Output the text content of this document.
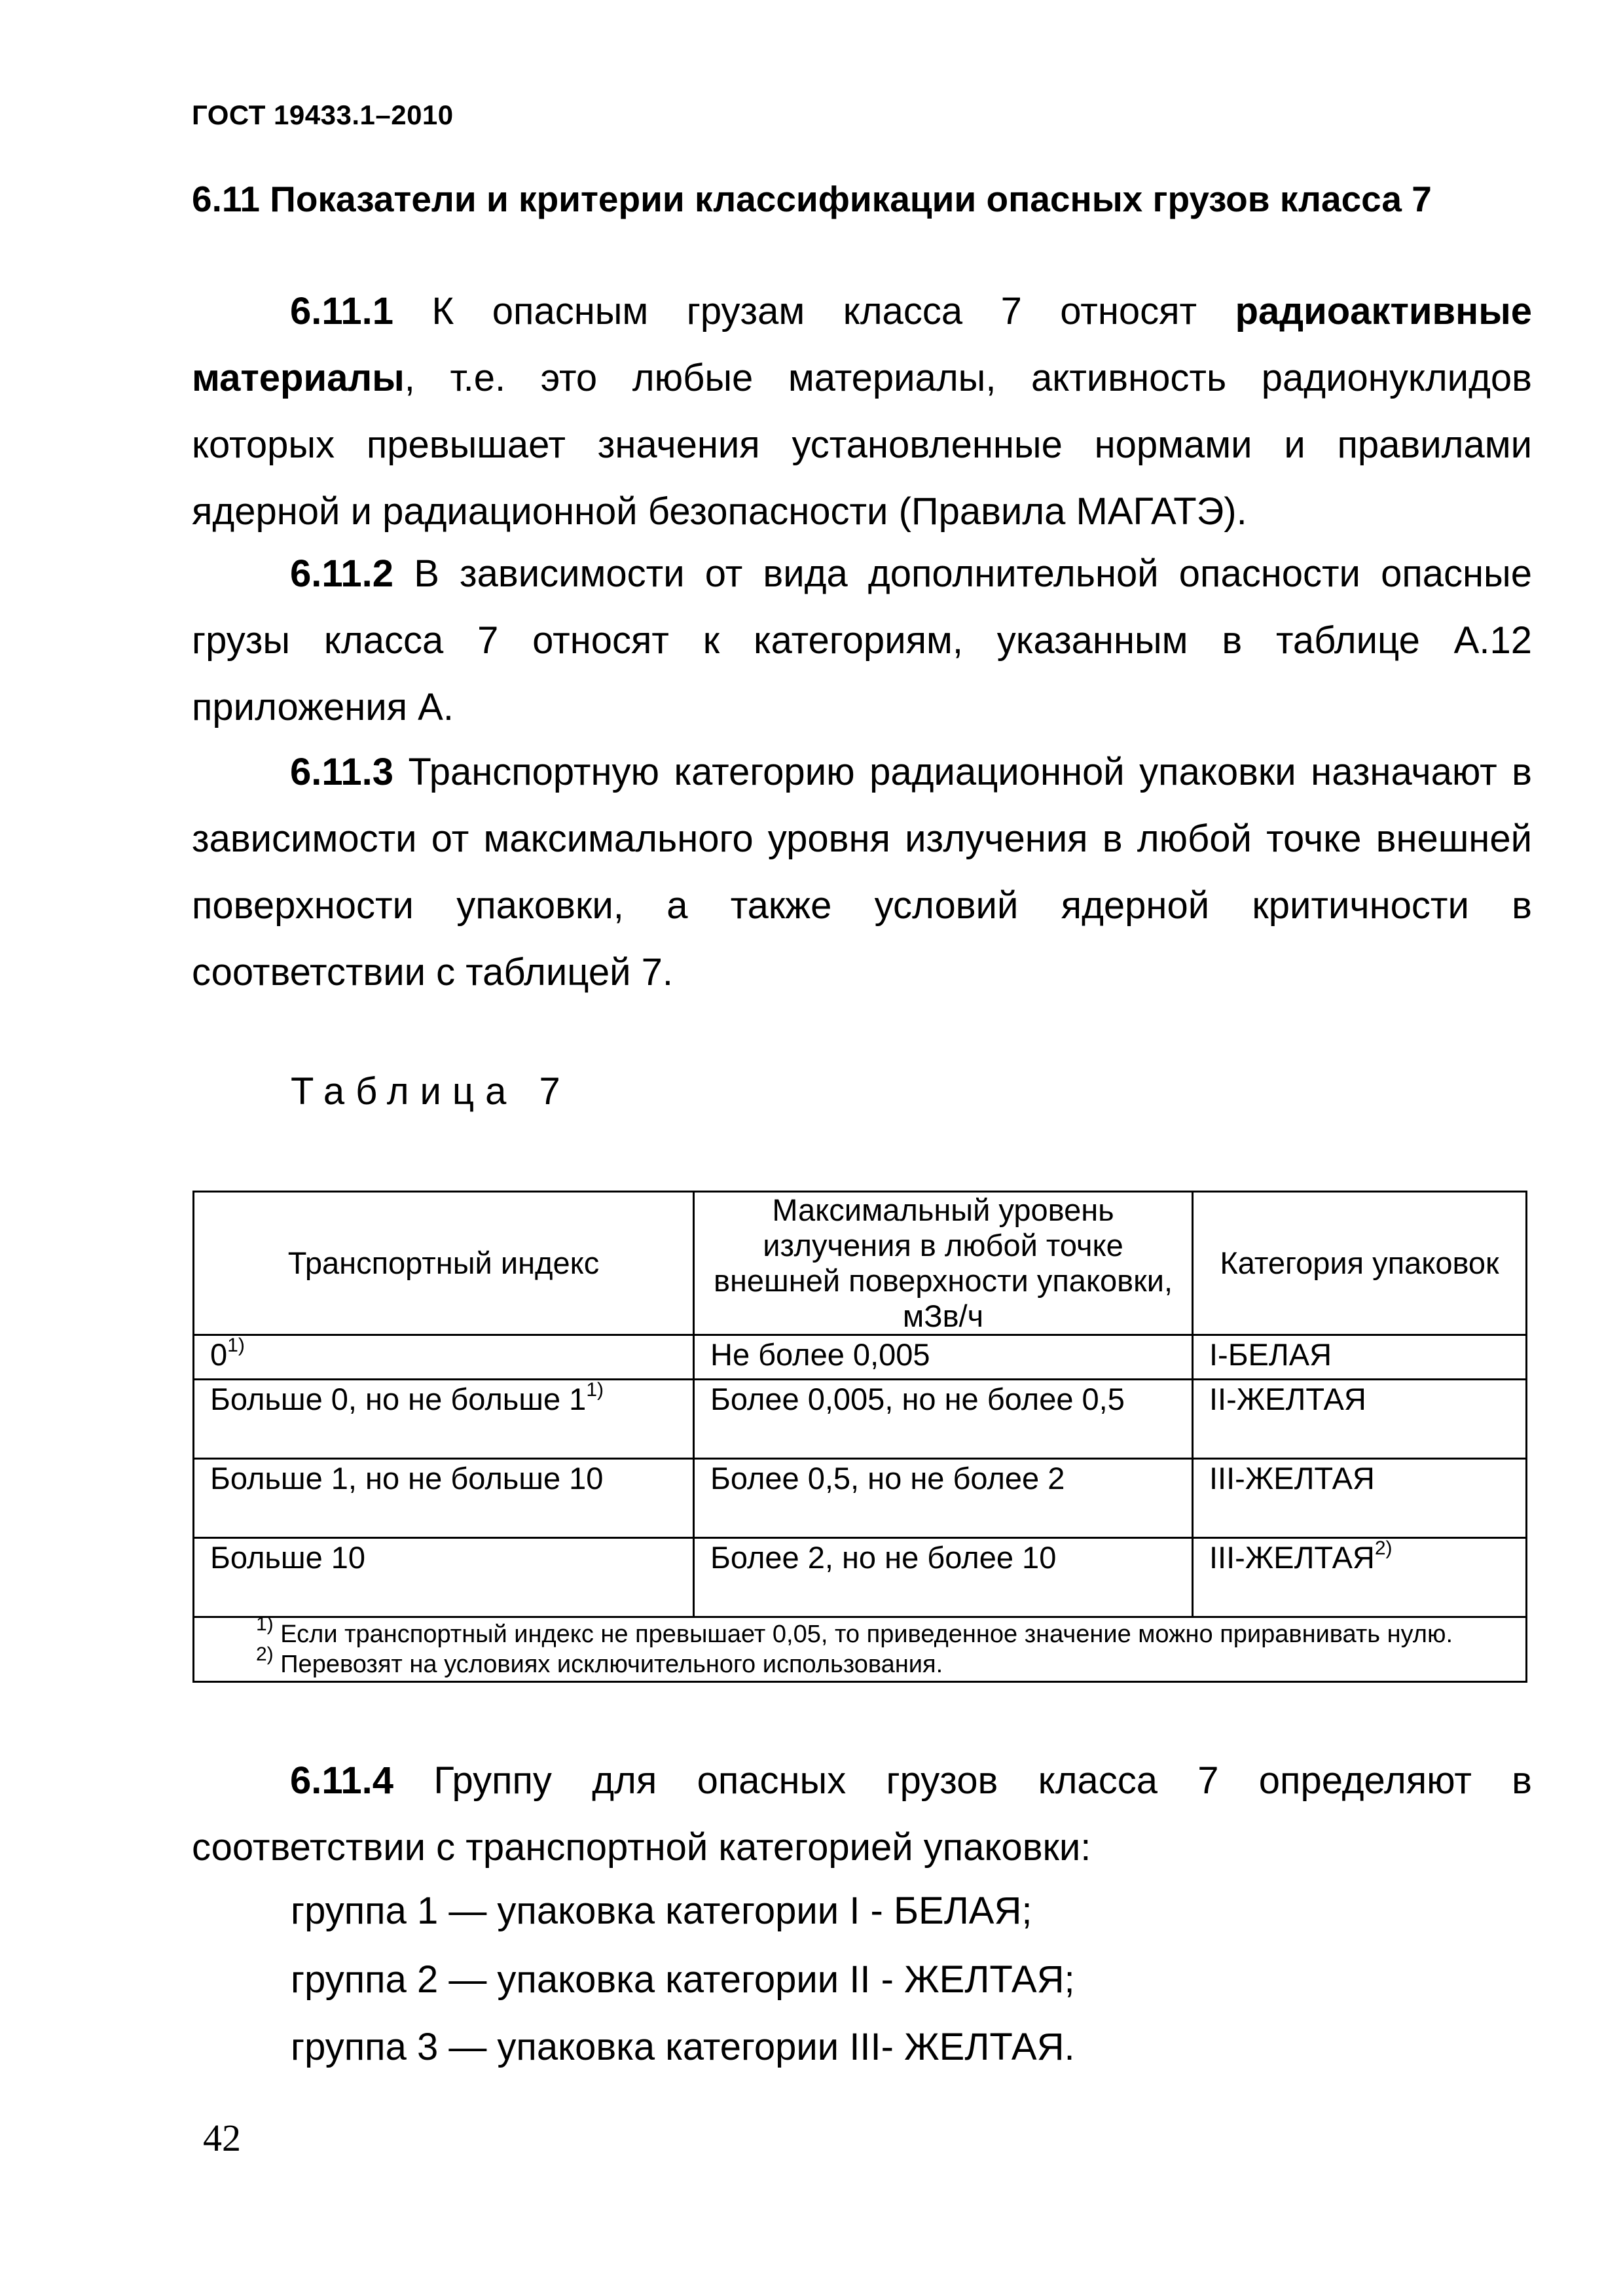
ГОСТ 19433.1–2010
6.11 Показатели и критерии классификации опасных грузов класса 7

6.11.1 К опасным грузам класса 7 относят радиоактивные материалы, т.е. это любые материалы, активность радионуклидов которых превышает значения установленные нормами и правилами ядерной и радиационной безопасности (Правила МАГАТЭ).

6.11.2 В зависимости от вида дополнительной опасности опасные грузы класса 7 относят к категориям, указанным в таблице А.12 приложения А.

6.11.3 Транспортную категорию радиационной упаковки назначают в зависимости от максимального уровня излучения в любой точке внешней поверхности упаковки, а также условий ядерной критичности в соответствии с таблицей 7.

Таблица 7
Транспортный индекс	Максимальный уровень излучения в любой точке внешней поверхности упаковки, мЗв/ч	Категория упаковок
0$^{1)}$	Не более 0,005	I-БЕЛАЯ
Больше 0, но не больше 1$^{1)}$	Более 0,005, но не более 0,5	II-ЖЕЛТАЯ
Больше 1, но не больше 10	Более 0,5, но не более 2	III-ЖЕЛТАЯ
Больше 10	Более 2, но не более 10	III-ЖЕЛТАЯ$^{2)}$

$^{1)}$ Если транспортный индекс не превышает 0,05, то приведенное значение можно приравнивать нулю.
$^{2)}$ Перевозят на условиях исключительного использования.		

6.11.4 Группу для опасных грузов класса 7 определяют в соответствии с транспортной категорией упаковки:

группа 1 — упаковка категории I - БЕЛАЯ;
группа 2 — упаковка категории II - ЖЕЛТАЯ;
группа 3 — упаковка категории III- ЖЕЛТАЯ.
42
